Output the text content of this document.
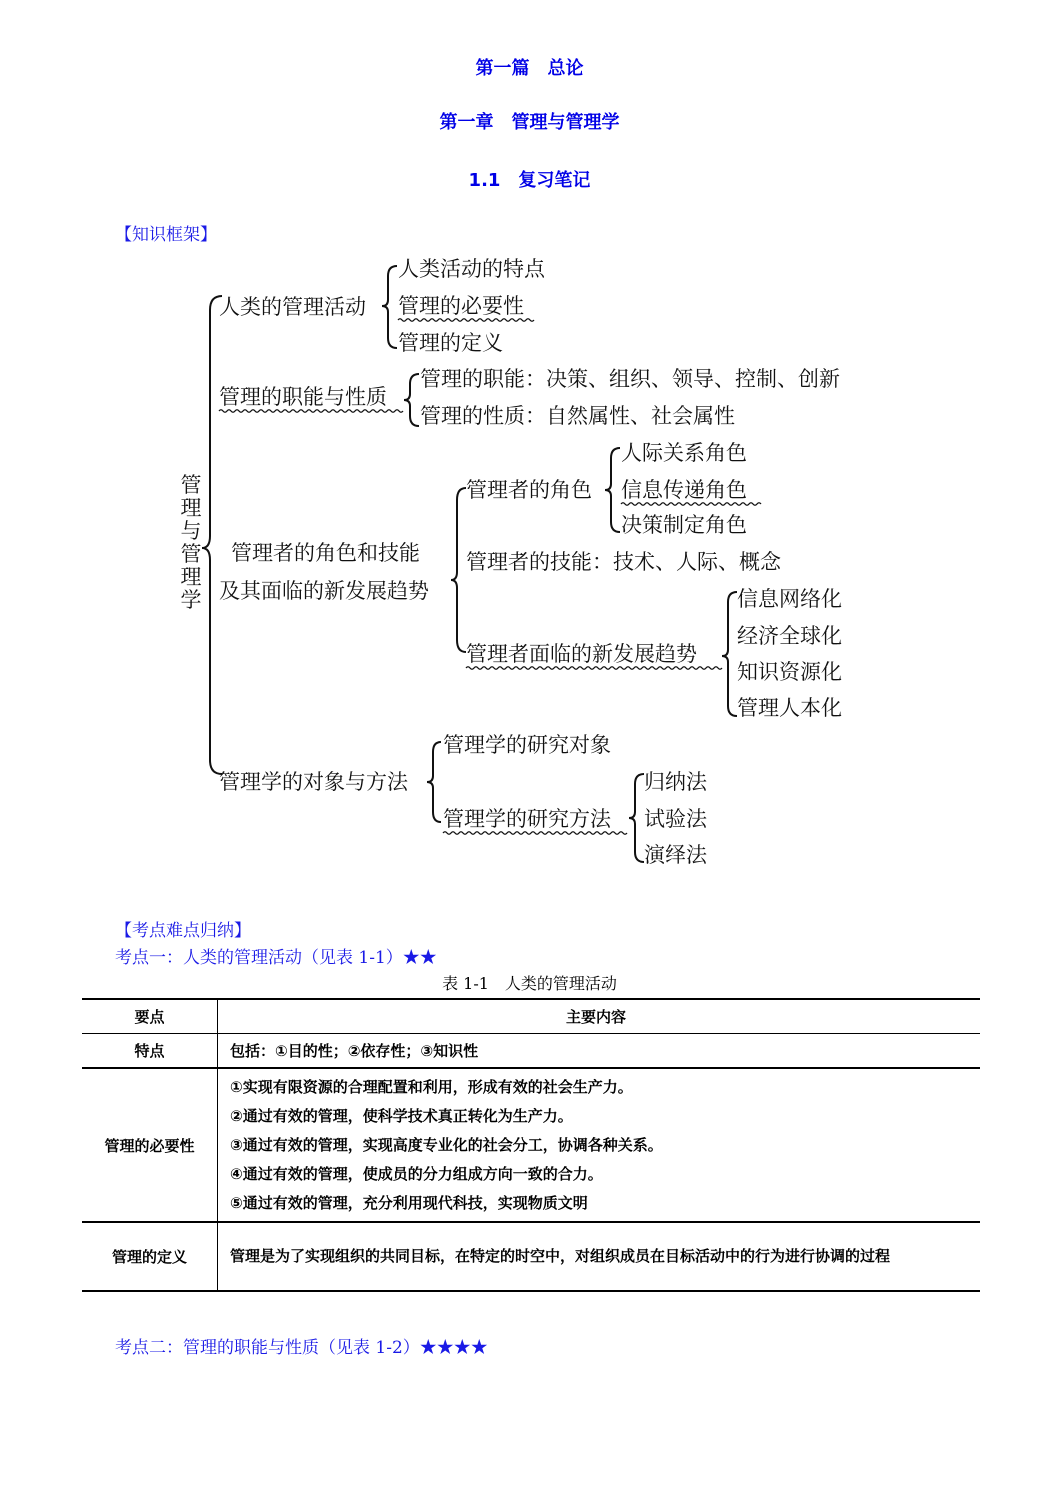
第一篇　总论
第一章　管理与管理学
1.1　复习笔记
【知识框架】
管理与管理学
人类的管理活动
人类活动的特点
管理的必要性
管理的定义
管理的职能与性质
管理的职能：决策、组织、领导、控制、创新
管理的性质：自然属性、社会属性
管理者的角色和技能
及其面临的新发展趋势
管理者的角色
人际关系角色
信息传递角色
决策制定角色
管理者的技能：技术、人际、概念
管理者面临的新发展趋势
信息网络化
经济全球化
知识资源化
管理人本化
管理学的对象与方法
管理学的研究对象
管理学的研究方法
归纳法
试验法
演绎法
【考点难点归纳】
考点一：人类的管理活动（见表 1-1）★★
表 1-1　人类的管理活动
要点	主要内容
特点	包括：①目的性；②依存性；③知识性
管理的必要性	①实现有限资源的合理配置和利用，形成有效的社会生产力。
②通过有效的管理，使科学技术真正转化为生产力。
③通过有效的管理，实现高度专业化的社会分工，协调各种关系。
④通过有效的管理，使成员的分力组成方向一致的合力。
⑤通过有效的管理，充分利用现代科技，实现物质文明

管理的定义	管理是为了实现组织的共同目标，在特定的时空中，对组织成员在目标活动中的行为进行协调的过程
考点二：管理的职能与性质（见表 1-2）★★★★
